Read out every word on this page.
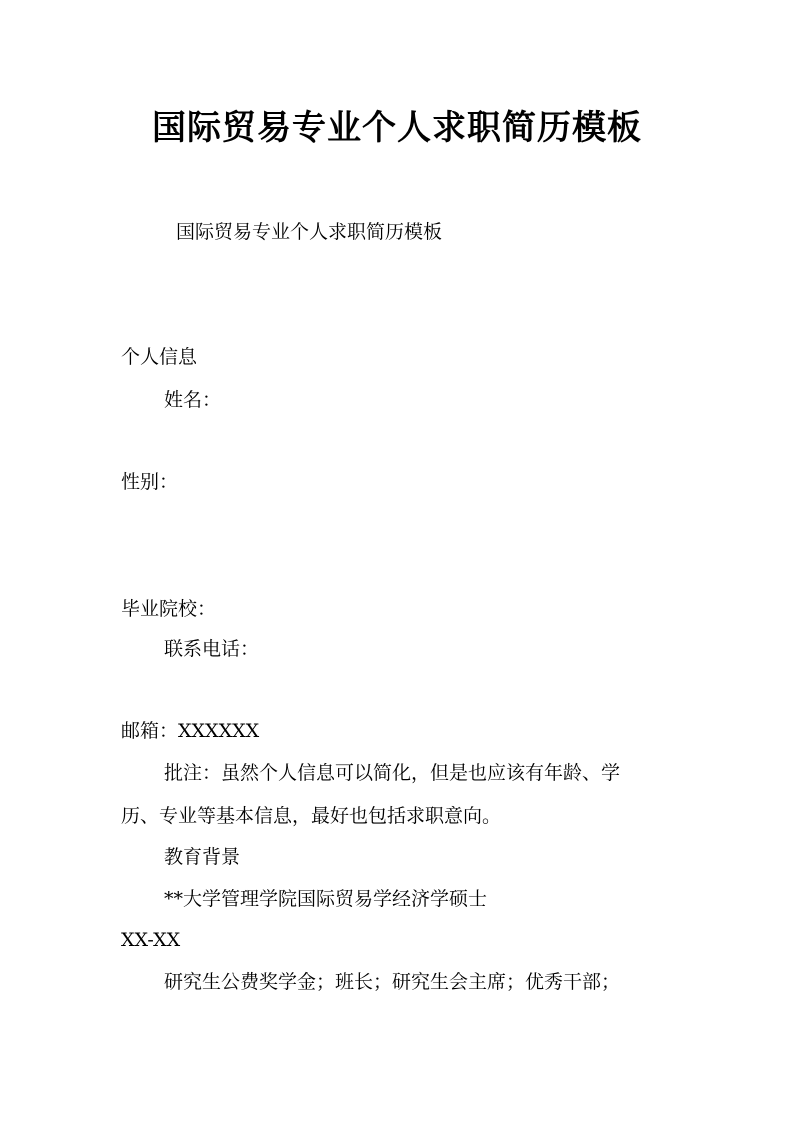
国际贸易专业个人求职简历模板

国际贸易专业个人求职简历模板

个人信息

姓名：

性别：

毕业院校：

联系电话：

邮箱：XXXXXX

批注：虽然个人信息可以简化，但是也应该有年龄、学

历、专业等基本信息，最好也包括求职意向。

教育背景

**大学管理学院国际贸易学经济学硕士

XX-XX

研究生公费奖学金；班长；研究生会主席；优秀干部；
